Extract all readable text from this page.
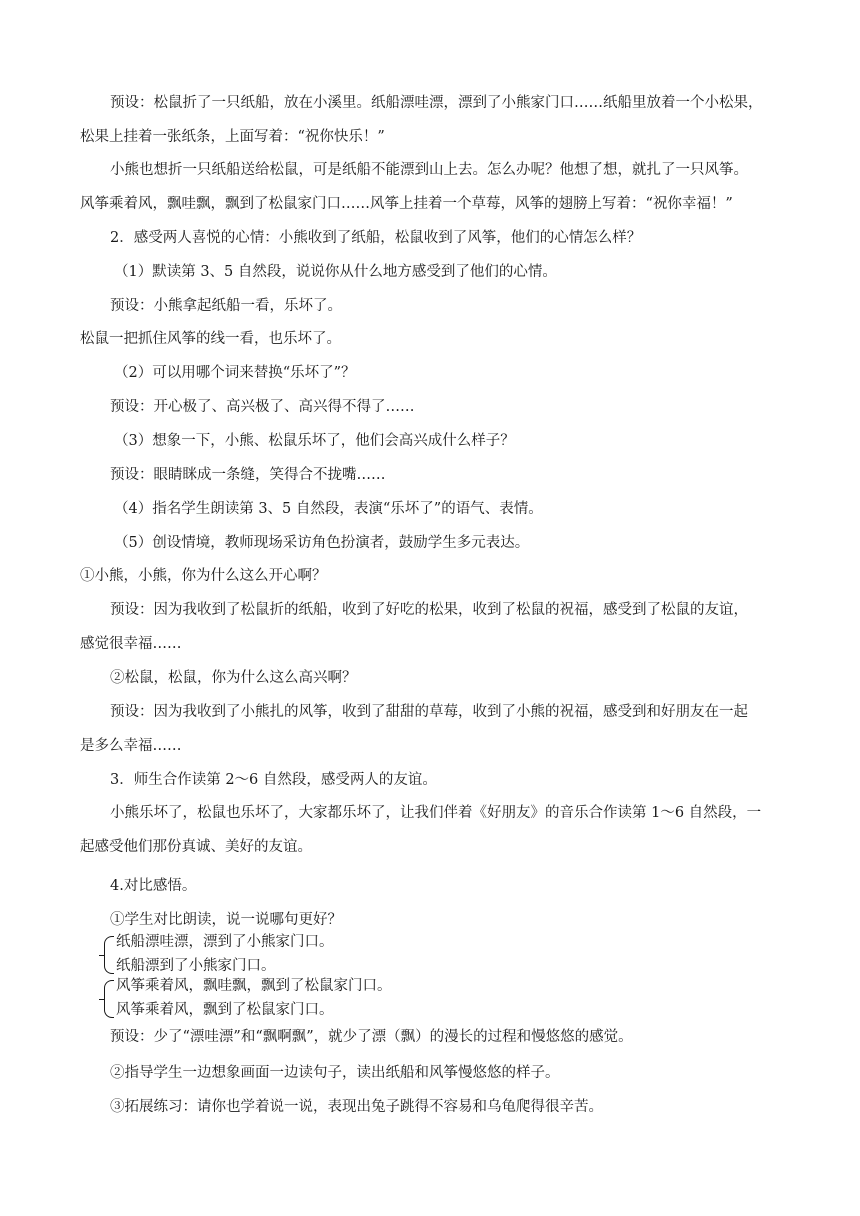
预设：松鼠折了一只纸船，放在小溪里。纸船漂哇漂，漂到了小熊家门口……纸船里放着一个小松果，
松果上挂着一张纸条，上面写着：“祝你快乐！”
小熊也想折一只纸船送给松鼠，可是纸船不能漂到山上去。怎么办呢？他想了想，就扎了一只风筝。
风筝乘着风，飘哇飘，飘到了松鼠家门口……风筝上挂着一个草莓，风筝的翅膀上写着：“祝你幸福！”
2．感受两人喜悦的心情：小熊收到了纸船，松鼠收到了风筝，他们的心情怎么样？
（1）默读第 3、5 自然段，说说你从什么地方感受到了他们的心情。
预设：小熊拿起纸船一看，乐坏了。
松鼠一把抓住风筝的线一看，也乐坏了。
（2）可以用哪个词来替换“乐坏了”？
预设：开心极了、高兴极了、高兴得不得了……
（3）想象一下，小熊、松鼠乐坏了，他们会高兴成什么样子？
预设：眼睛眯成一条缝，笑得合不拢嘴……
（4）指名学生朗读第 3、5 自然段，表演“乐坏了”的语气、表情。
（5）创设情境，教师现场采访角色扮演者，鼓励学生多元表达。
①小熊，小熊，你为什么这么开心啊？
预设：因为我收到了松鼠折的纸船，收到了好吃的松果，收到了松鼠的祝福，感受到了松鼠的友谊，
感觉很幸福……
②松鼠，松鼠，你为什么这么高兴啊？
预设：因为我收到了小熊扎的风筝，收到了甜甜的草莓，收到了小熊的祝福，感受到和好朋友在一起
是多么幸福……
3．师生合作读第 2～6 自然段，感受两人的友谊。
小熊乐坏了，松鼠也乐坏了，大家都乐坏了，让我们伴着《好朋友》的音乐合作读第 1～6 自然段，一
起感受他们那份真诚、美好的友谊。
4.对比感悟。
①学生对比朗读，说一说哪句更好？
纸船漂哇漂，漂到了小熊家门口。
纸船漂到了小熊家门口。
风筝乘着风，飘哇飘，飘到了松鼠家门口。
风筝乘着风，飘到了松鼠家门口。
预设：少了“漂哇漂”和“飘啊飘”，就少了漂（飘）的漫长的过程和慢悠悠的感觉。
②指导学生一边想象画面一边读句子，读出纸船和风筝慢悠悠的样子。
③拓展练习：请你也学着说一说，表现出兔子跳得不容易和乌龟爬得很辛苦。
